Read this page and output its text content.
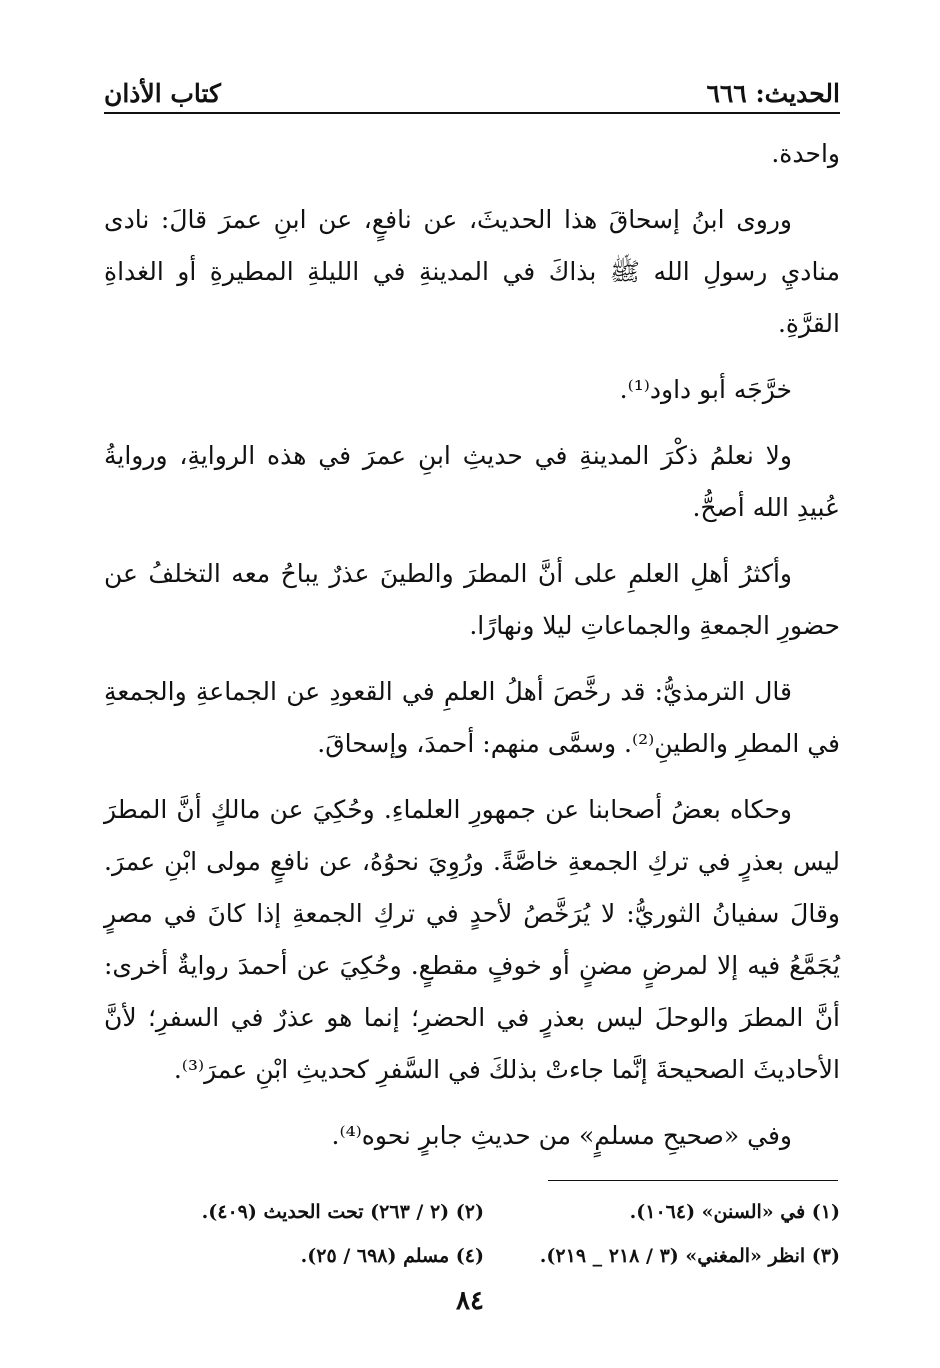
الحديث: ٦٦٦
كتاب الأذان

واحدة.

وروى ابنُ إسحاقَ هذا الحديثَ، عن نافعٍ، عن ابنِ عمرَ قالَ: نادى مناديِ رسولِ الله ﷺ بذاكَ في المدينةِ في الليلةِ المطيرةِ أو الغداةِ القرَّةِ.

خرَّجَه أبو داود⁽¹⁾.

ولا نعلمُ ذكْرَ المدينةِ في حديثِ ابنِ عمرَ في هذه الروايةِ، وروايةُ عُبيدِ الله أصحُّ.

وأكثرُ أهلِ العلمِ على أنَّ المطرَ والطينَ عذرٌ يباحُ معه التخلفُ عن حضورِ الجمعةِ والجماعاتِ ليلا ونهارًا.

قال الترمذيُّ: قد رخَّصَ أهلُ العلمِ في القعودِ عن الجماعةِ والجمعةِ في المطرِ والطينِ⁽²⁾. وسمَّى منهم: أحمدَ، وإسحاقَ.

وحكاه بعضُ أصحابنا عن جمهورِ العلماءِ. وحُكِيَ عن مالكٍ أنَّ المطرَ ليس بعذرٍ في تركِ الجمعةِ خاصَّةً. ورُوِيَ نحوُهُ، عن نافعٍ مولى ابْنِ عمرَ. وقالَ سفيانُ الثوريُّ: لا يُرَخَّصُ لأحدٍ في تركِ الجمعةِ إذا كانَ في مصرٍ يُجَمَّعُ فيه إلا لمرضٍ مضنٍ أو خوفٍ مقطعٍ. وحُكِيَ عن أحمدَ روايةٌ أخرى: أنَّ المطرَ والوحلَ ليس بعذرٍ في الحضرِ؛ إنما هو عذرٌ في السفرِ؛ لأنَّ الأحاديثَ الصحيحةَ إنَّما جاءتْ بذلكَ في السَّفرِ كحديثِ ابْنِ عمرَ⁽³⁾.

وفي «صحيحِ مسلمٍ» من حديثِ جابرٍ نحوه⁽⁴⁾.

(١) في «السنن» (١٠٦٤).
(٢) (٢ / ٢٦٣) تحت الحديث (٤٠٩).
(٣) انظر «المغني» (٣ / ٢١٨ _ ٢١٩).
(٤) مسلم (٦٩٨ / ٢٥).
٨٤
